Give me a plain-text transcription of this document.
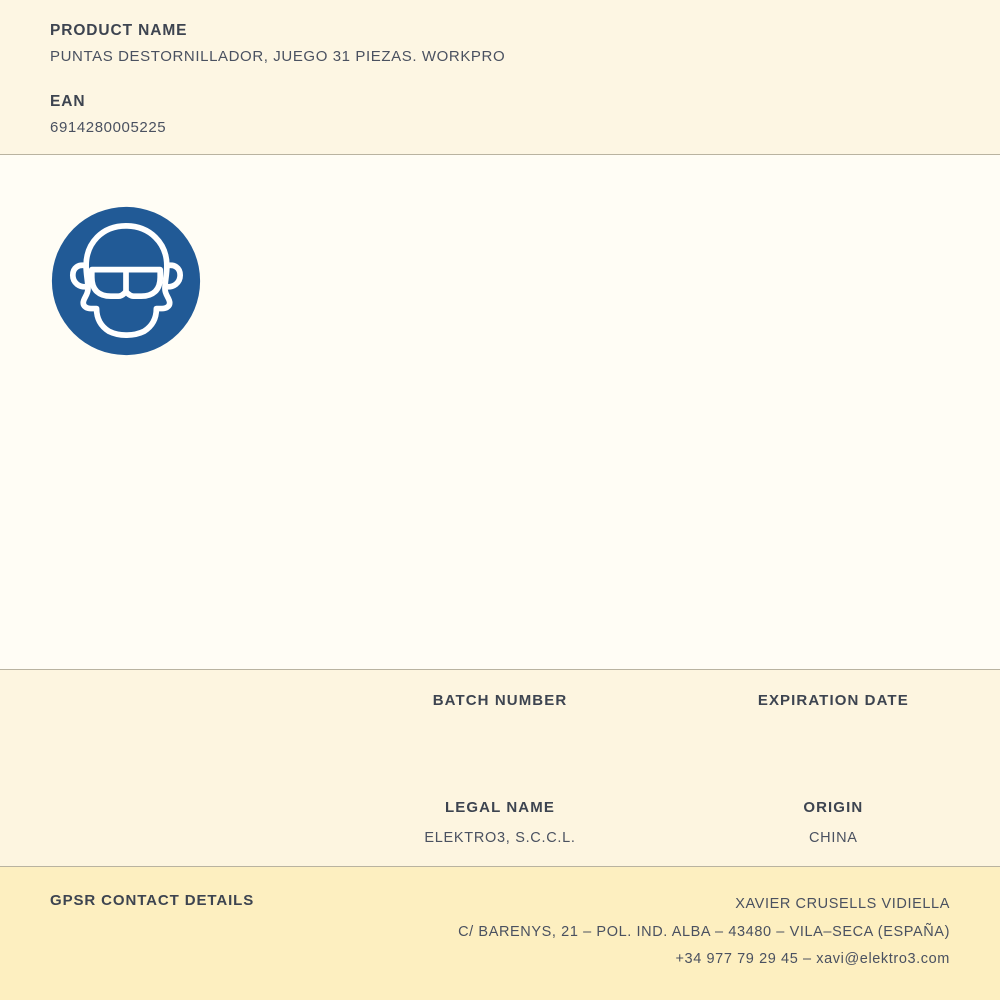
PRODUCT NAME

PUNTAS DESTORNILLADOR, JUEGO 31 PIEZAS. WORKPRO

EAN

6914280005225

BATCH NUMBER	EXPIRATION DATE

LEGAL NAME

ELEKTRO3, S.C.C.L.

ORIGIN

CHINA

GPSR CONTACT DETAILS	XAVIER CRUSELLS VIDIELLA
C/ BARENYS, 21 – POL. IND. ALBA – 43480 – VILA–SECA (ESPAÑA)
+34 977 79 29 45 – xavi@elektro3.com
